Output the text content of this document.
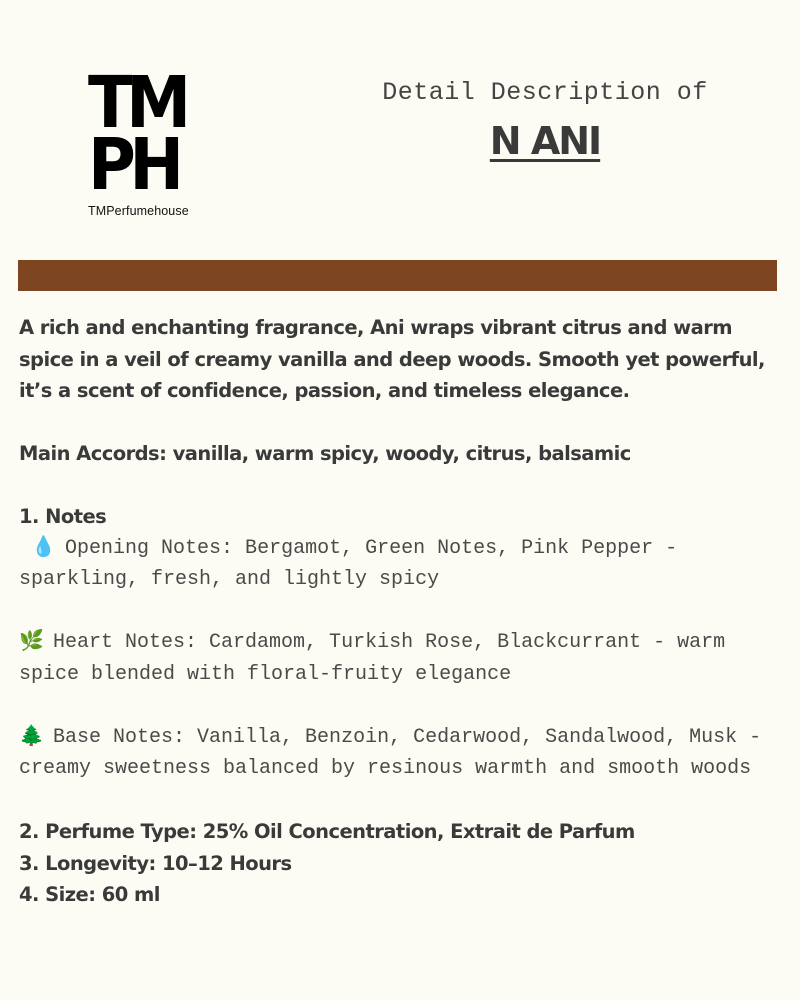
TM
PH
TMPerfumehouse
Detail Description of
N ANI

A rich and enchanting fragrance, Ani wraps vibrant citrus and warm spice in a veil of creamy vanilla and deep woods. Smooth yet powerful, it’s a scent of confidence, passion, and timeless elegance.

Main Accords: vanilla, warm spicy, woody, citrus, balsamic

1. Notes

💧 Opening Notes: Bergamot, Green Notes, Pink Pepper - sparkling, fresh, and lightly spicy

🌿 Heart Notes: Cardamom, Turkish Rose, Blackcurrant - warm spice blended with floral-fruity elegance

🌲 Base Notes: Vanilla, Benzoin, Cedarwood, Sandalwood, Musk - creamy sweetness balanced by resinous warmth and smooth woods

2. Perfume Type: 25% Oil Concentration, Extrait de Parfum

3. Longevity: 10–12 Hours

4. Size: 60 ml
